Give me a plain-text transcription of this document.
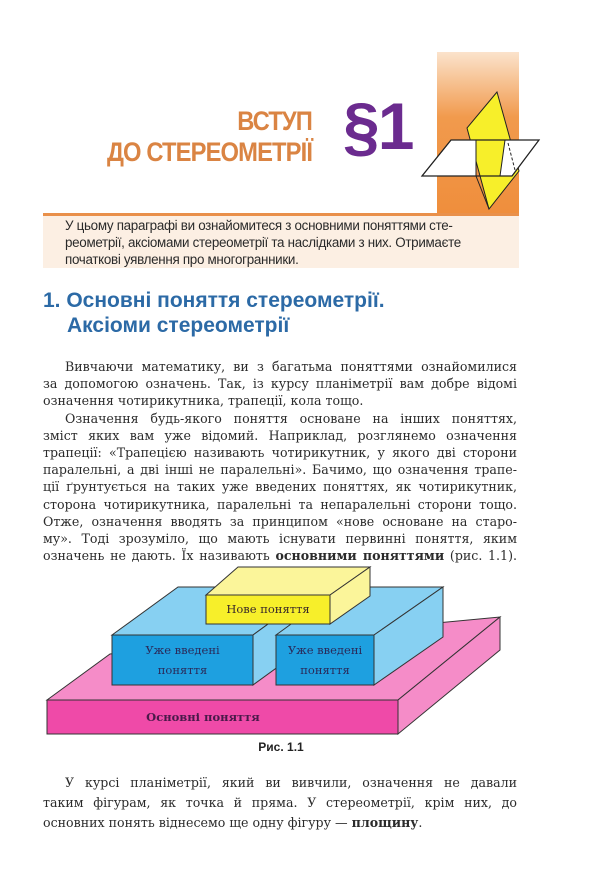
У цьому параграфі ви ознайомитеся з основними поняттями сте-
реометрії, аксіомами стереометрії та наслідками з них. Отримаєте
початкові уявлення про многогранники.
ВСТУП
ДО СТЕРЕОМЕТРІЇ §1
1. Основні поняття стереометрії.
Аксіоми стереометрії
Вивчаючи математику, ви з багатьма поняттями ознайомилися
за допомогою означень. Так, із курсу планіметрії вам добре відомі
означення чотирикутника, трапеції, кола тощо.
Означення будь-якого поняття основане на інших поняттях,
зміст яких вам уже відомий. Наприклад, розглянемо означення
трапеції: «Трапецією називають чотирикутник, у якого дві сторони
паралельні, а дві інші не паралельні». Бачимо, що означення трапе-
ції ґрунтується на таких уже введених поняттях, як чотирикутник,
сторона чотирикутника, паралельні та непаралельні сторони тощо.
Отже, означення вводять за принципом «нове основане на старо-
му». Тоді зрозуміло, що мають існувати первинні поняття, яким
означень не дають. Їх називають основними поняттями (рис. 1.1).
Нове поняття
Уже введені
поняття
Уже введені
поняття
Основні поняття
Рис. 1.1
У курсі планіметрії, який ви вивчили, означення не давали
таким фігурам, як точка й пряма. У стереометрії, крім них, до
основних понять віднесемо ще одну фігуру — площину.
